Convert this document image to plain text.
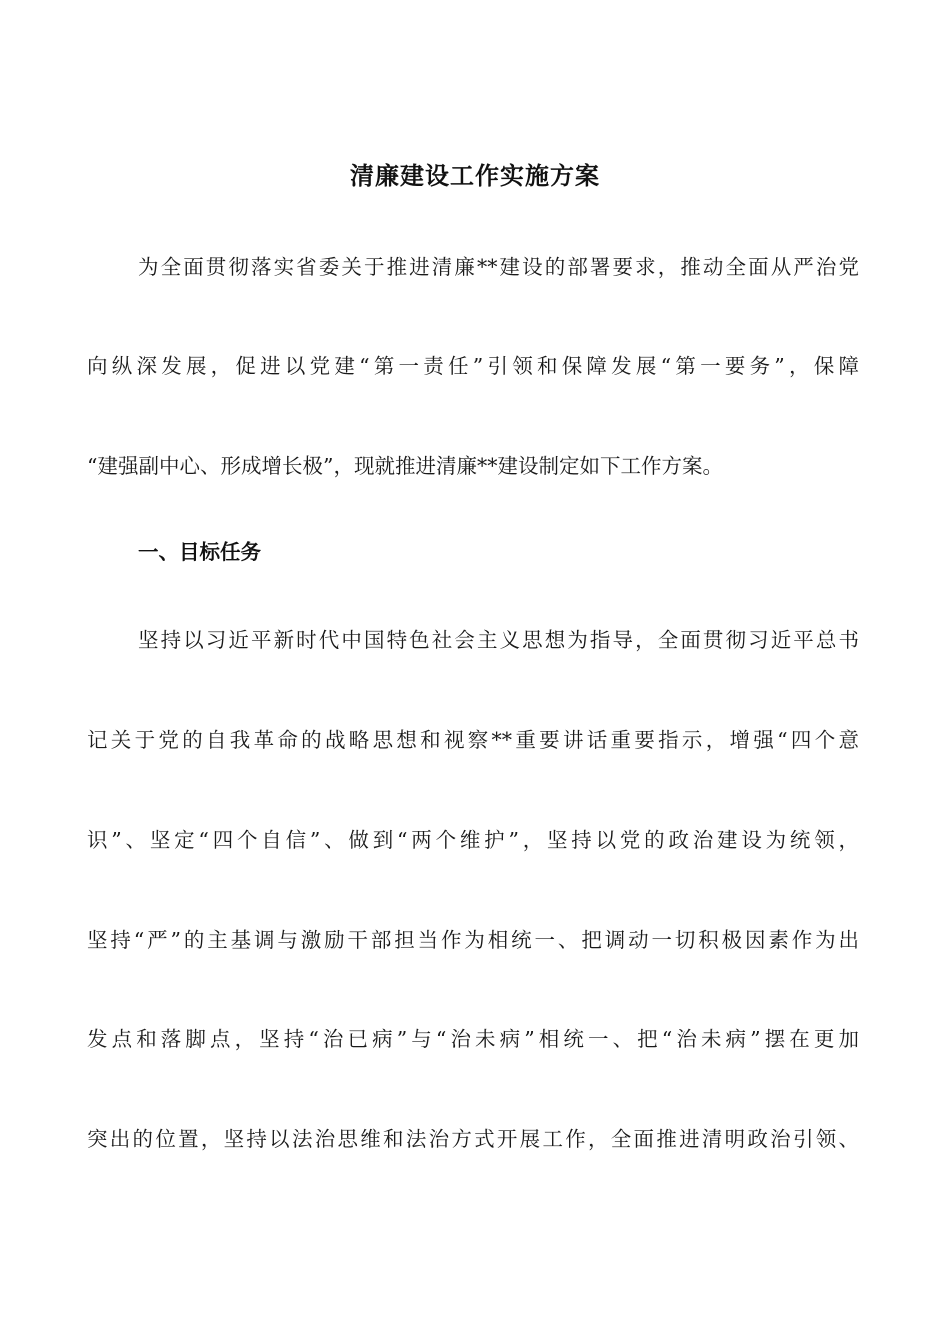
清廉建设工作实施方案
为全面贯彻落实省委关于推进清廉**建设的部署要求，推动全面从严治党
向纵深发展，促进以党建“第一责任”引领和保障发展“第一要务”，保障
“建强副中心、形成增长极”，现就推进清廉**建设制定如下工作方案。
一、目标任务
坚持以习近平新时代中国特色社会主义思想为指导，全面贯彻习近平总书
记关于党的自我革命的战略思想和视察**重要讲话重要指示，增强“四个意
识”、坚定“四个自信”、做到“两个维护”，坚持以党的政治建设为统领，
坚持“严”的主基调与激励干部担当作为相统一、把调动一切积极因素作为出
发点和落脚点，坚持“治已病”与“治未病”相统一、把“治未病”摆在更加
突出的位置，坚持以法治思维和法治方式开展工作，全面推进清明政治引领、
